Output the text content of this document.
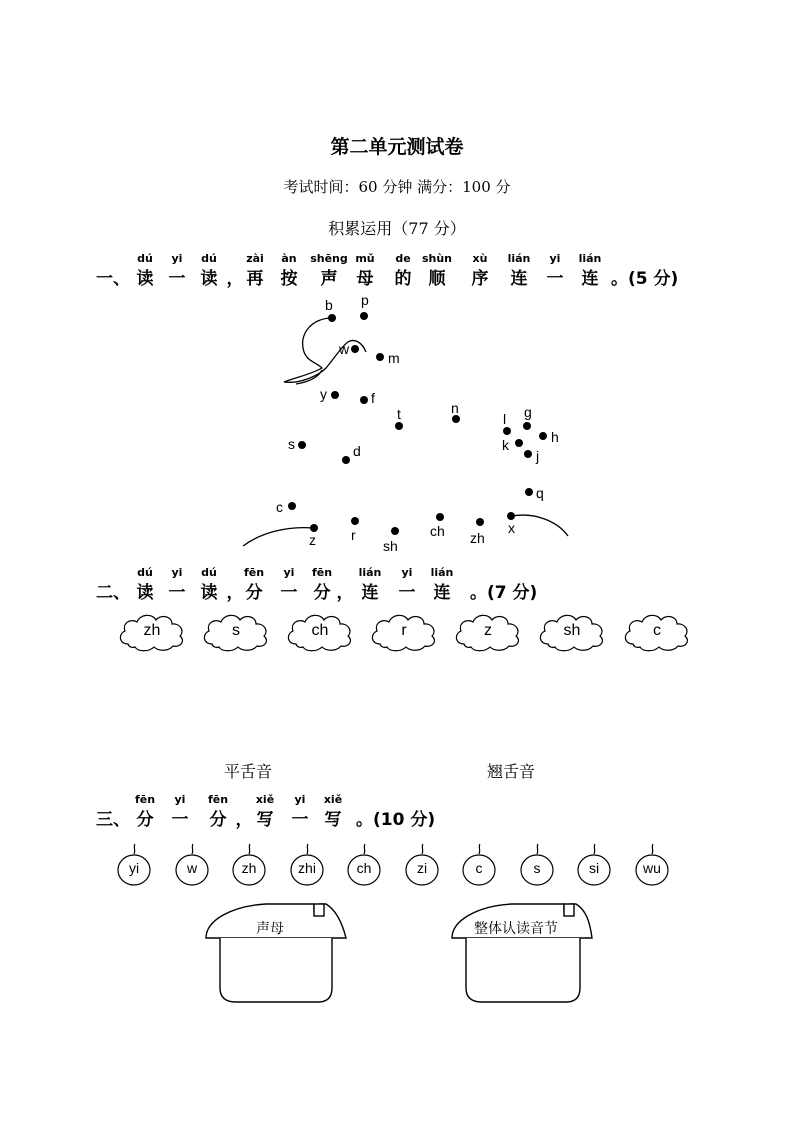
第二单元测试卷
考试时间：60 分钟 满分：100 分
积累运用（77 分）
一、
dú
读
yi
一
dú
读 ，
zài
再
àn
按
shēng
声
mǔ
母
de
的
shùn
顺
xù
序
lián
连
yi
一
lián
连 。(5 分)
b p
w
m
y	f
t	n
l g
h
s	k
j
d
q
c
z	r
sh
ch zh
x
二、
dú
读
yi
一
dú
读 ，
fēn
分
yi
一
fēn
分 ，
lián
连
yi
一
lián
连 。(7 分)
zh	s	ch	r	z	sh	c
平舌音	翘舌音
三、
fēn
分
yi
一
fēn
分 ，
xiě
写
yi
一
xiě
写 。(10 分)
yi	w	zh	zhi	ch	zi	c	s	si	wu
声母	整体认读音节
